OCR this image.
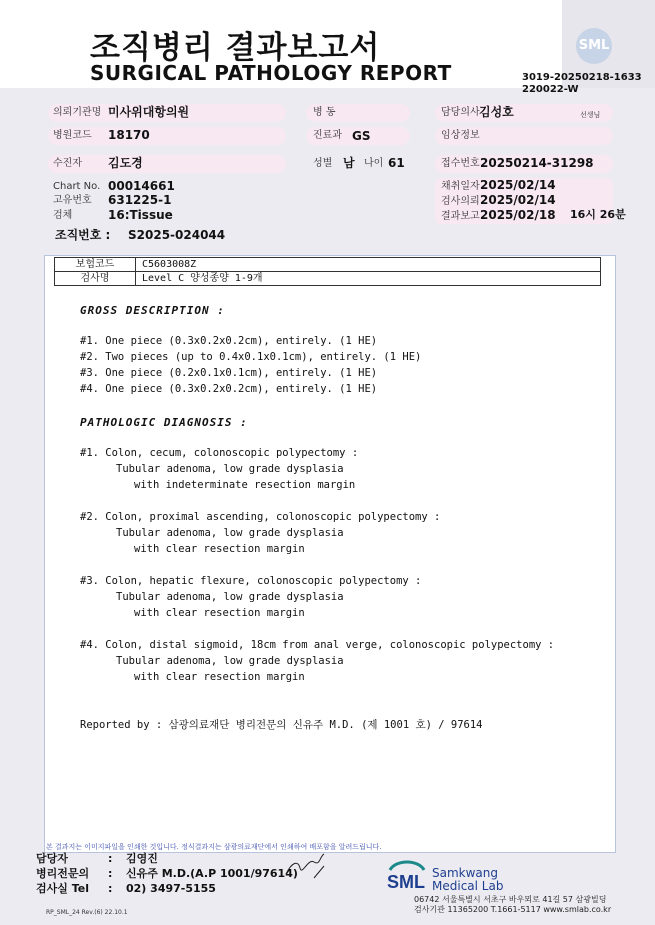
조직병리 결과보고서
SURGICAL PATHOLOGY REPORT
SML
3019-20250218-1633
220022-W
의뢰기관명 미사위대항의원
병원코드 18170
수진자 김도경
병 동
진료과 GS
성별 남 나이 61
담당의사 김성호	선생님
임상정보
접수번호 20250214-31298
Chart No. 00014661
고유번호 631225-1
검체	16:Tissue
채취일자 2025/02/14
검사의뢰 2025/02/14
결과보고 2025/02/18 16시 26분
조직번호 : S2025-024044
보험코드	C5603008Z
검사명	Level C 양성종양 1-9개
GROSS DESCRIPTION :
#1. One piece (0.3x0.2x0.2cm), entirely. (1 HE)
#2. Two pieces (up to 0.4x0.1x0.1cm), entirely. (1 HE)
#3. One piece (0.2x0.1x0.1cm), entirely. (1 HE)
#4. One piece (0.3x0.2x0.2cm), entirely. (1 HE)
PATHOLOGIC DIAGNOSIS :
#1. Colon, cecum, colonoscopic polypectomy :
Tubular adenoma, low grade dysplasia
with indeterminate resection margin
#2. Colon, proximal ascending, colonoscopic polypectomy :
Tubular adenoma, low grade dysplasia
with clear resection margin
#3. Colon, hepatic flexure, colonoscopic polypectomy :
Tubular adenoma, low grade dysplasia
with clear resection margin
#4. Colon, distal sigmoid, 18cm from anal verge, colonoscopic polypectomy :
Tubular adenoma, low grade dysplasia
with clear resection margin
Reported by : 삼광의료재단 병리전문의 신유주 M.D. (제 1001 호) / 97614
본 결과지는 이미지파일을 인쇄한 것입니다. 정식결과지는 삼광의료재단에서 인쇄하여 배포함을 알려드립니다.
담당자	: 김영진
병리전문의 : 신유주 M.D.(A.P 1001/97614)
검사실 Tel : 02) 3497-5155
RP_SML_24 Rev.(6) 22.10.1
SML Samkwang
Medical Lab
06742 서울특별시 서초구 바우뫼로 41길 57 삼광빌딩
검사기관 11365200 T.1661-5117 www.smlab.co.kr
